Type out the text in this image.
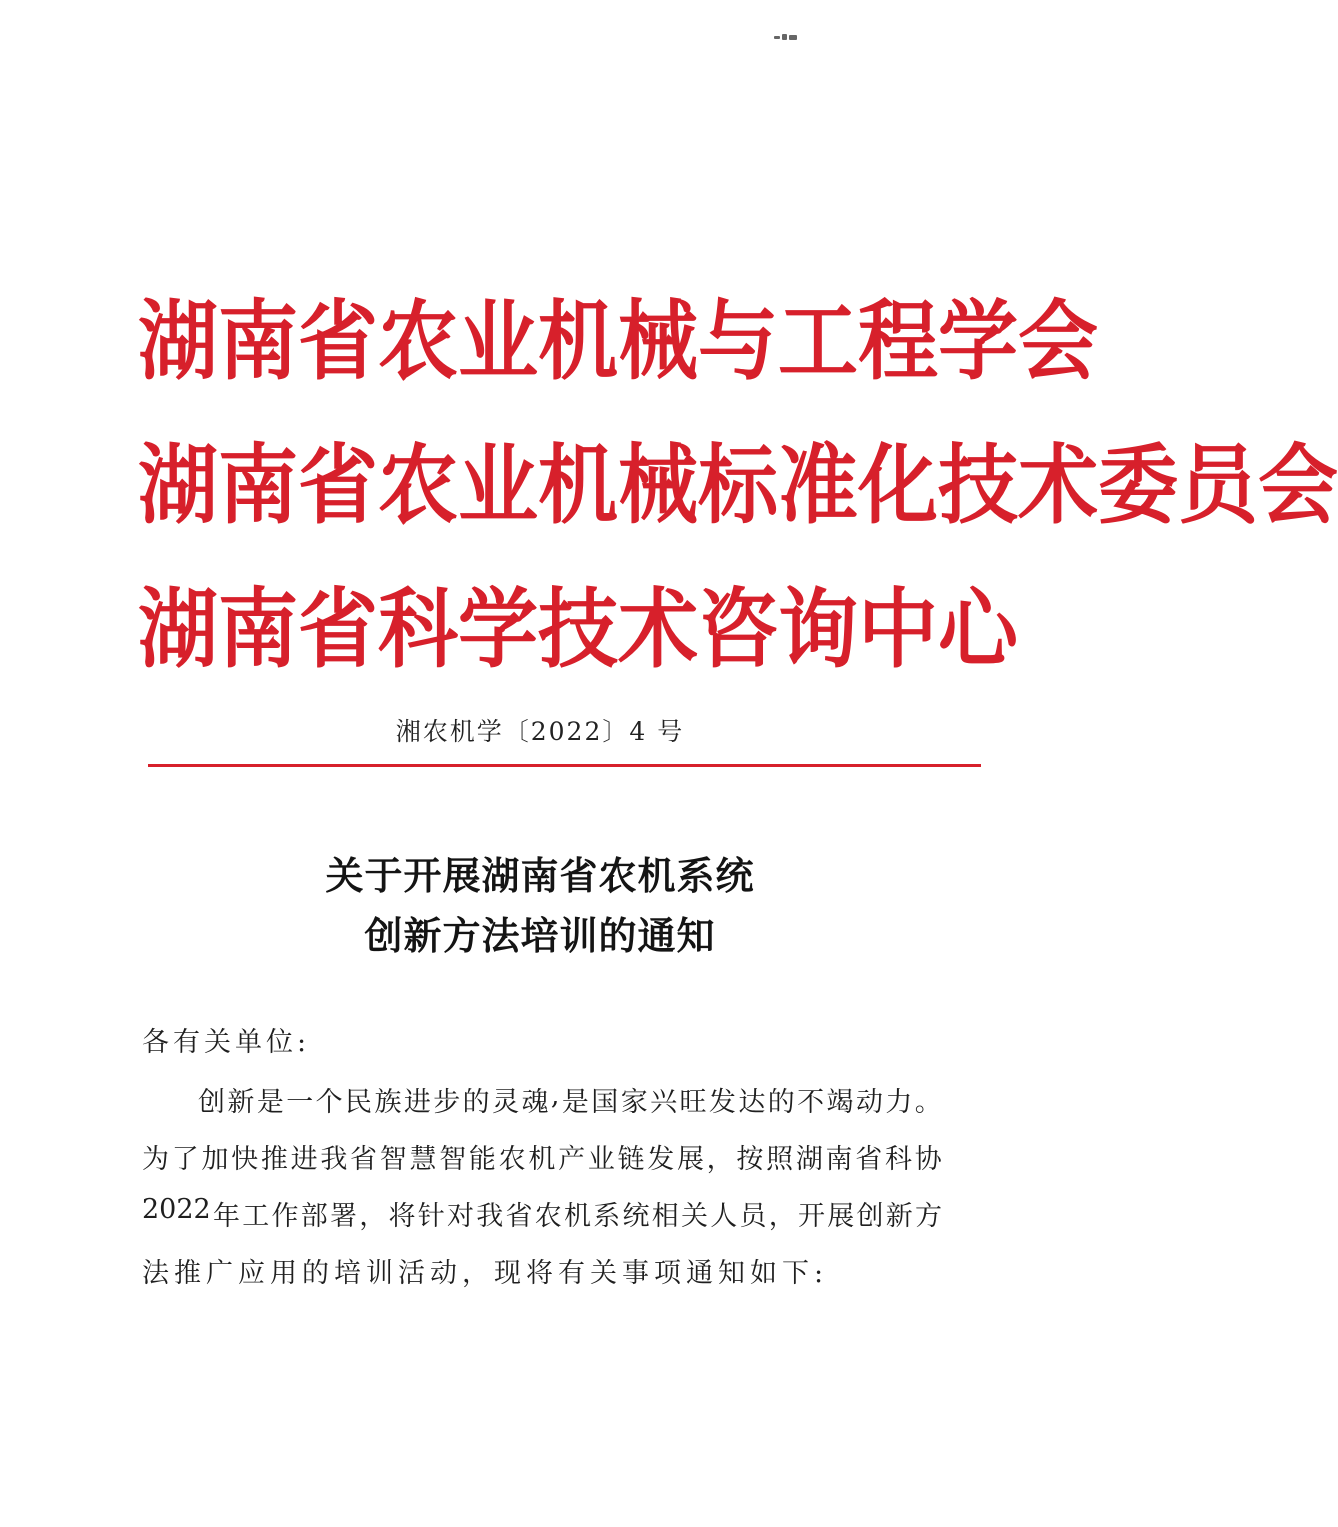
湖 南 省 农 业 机 械 与 工 程 学 会
湖 南 省 农 业 机 械 标 准 化 技 术 委 员 会
湖 南 省 科 学 技 术 咨 询 中 心
湘农机学〔2022〕4 号
关于开展湖南省农机系统
创新方法培训的通知
各有关单位:
创 新 是 一 个 民 族 进 步 的 灵 魂 , 是 国 家 兴 旺 发 达 的 不 竭 动 力 。
为 了 加 快 推 进 我 省 智 慧 智 能 农 机 产 业 链 发 展 ， 按 照 湖 南 省 科 协
2022 年 工 作 部 署 ， 将 针 对 我 省 农 机 系 统 相 关 人 员 ， 开 展 创 新 方
法推广应用的培训活动，现将有关事项通知如下:
